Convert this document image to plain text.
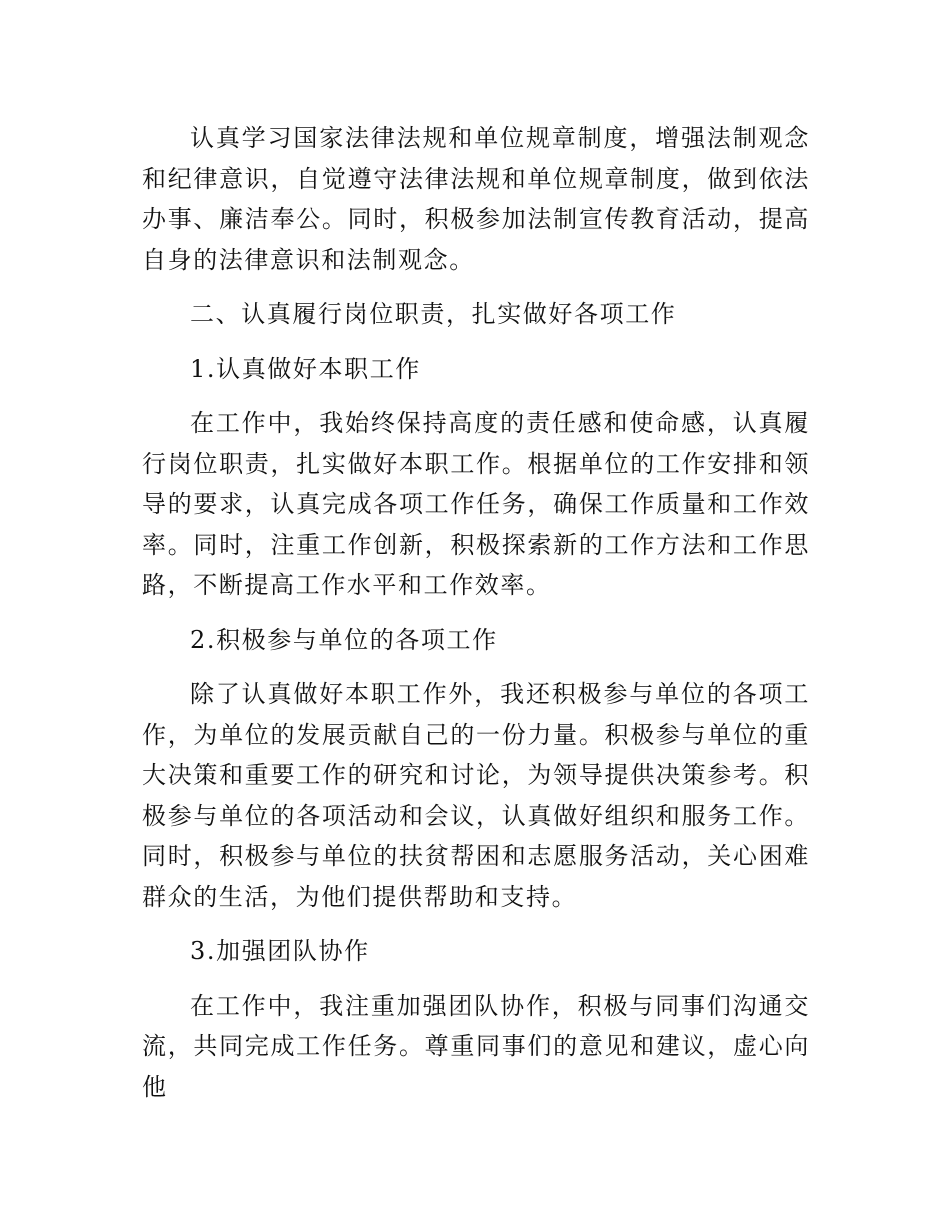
认真学习国家法律法规和单位规章制度，增强法制观念和纪律意识，自觉遵守法律法规和单位规章制度，做到依法办事、廉洁奉公。同时，积极参加法制宣传教育活动，提高自身的法律意识和法制观念。

二、认真履行岗位职责，扎实做好各项工作

1.认真做好本职工作

在工作中，我始终保持高度的责任感和使命感，认真履行岗位职责，扎实做好本职工作。根据单位的工作安排和领导的要求，认真完成各项工作任务，确保工作质量和工作效率。同时，注重工作创新，积极探索新的工作方法和工作思路，不断提高工作水平和工作效率。

2.积极参与单位的各项工作

除了认真做好本职工作外，我还积极参与单位的各项工作，为单位的发展贡献自己的一份力量。积极参与单位的重大决策和重要工作的研究和讨论，为领导提供决策参考。积极参与单位的各项活动和会议，认真做好组织和服务工作。同时，积极参与单位的扶贫帮困和志愿服务活动，关心困难群众的生活，为他们提供帮助和支持。

3.加强团队协作

在工作中，我注重加强团队协作，积极与同事们沟通交流，共同完成工作任务。尊重同事们的意见和建议，虚心向他
